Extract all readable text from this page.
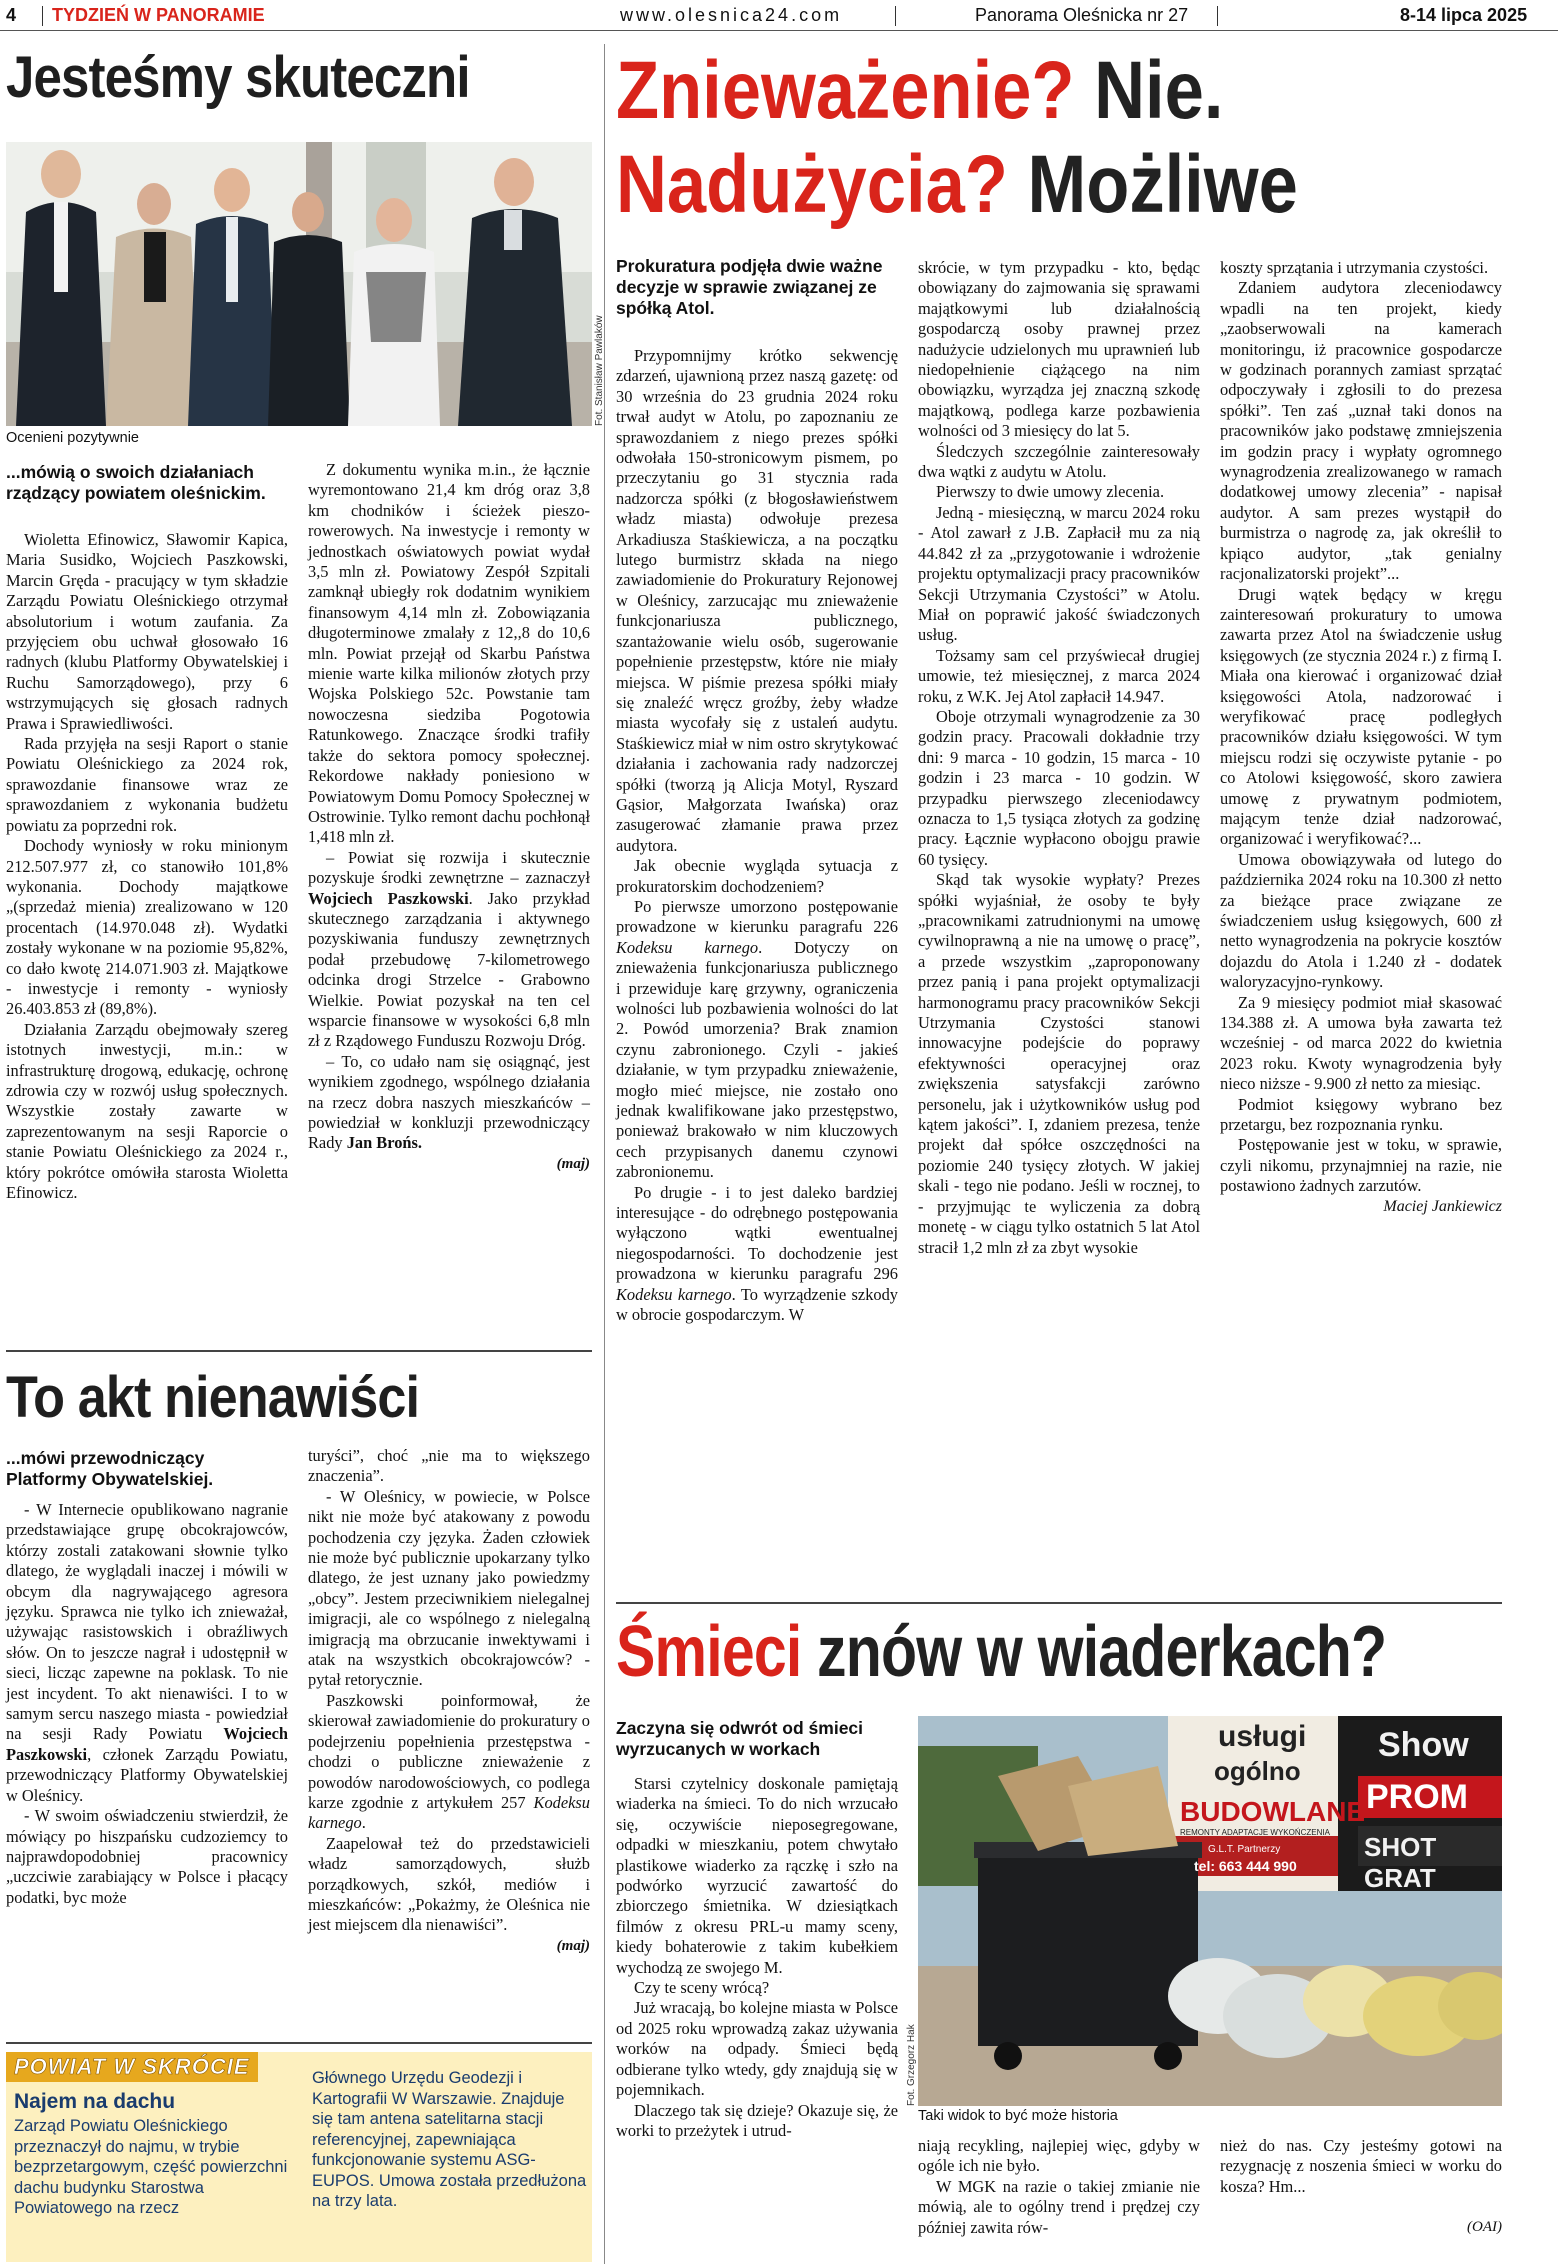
4 TYDZIEŃ W PANORAMIE	www.olesnica24.com	Panorama Oleśnicka nr 27	8-14 lipca 2025
Jesteśmy skuteczni
Fot. Stanisław Pawlaków
Ocenieni pozytywnie
...mówią o swoich działaniach rządzący powiatem oleśnickim.

Wioletta Efinowicz, Sławomir Kapica, Maria Susidko, Wojciech Paszkowski, Marcin Gręda - pracujący w tym składzie Zarządu Powiatu Oleśnickiego otrzymał absolutorium i wotum zaufania. Za przyjęciem obu uchwał głosowało 16 radnych (klubu Platformy Obywatelskiej i Ruchu Samorządowego), przy 6 wstrzymujących się głosach radnych Prawa i Sprawiedliwości.

Rada przyjęła na sesji Raport o stanie Powiatu Oleśnickiego za 2024 rok, sprawozdanie finansowe wraz ze sprawozdaniem z wykonania budżetu powiatu za poprzedni rok.

Dochody wyniosły w roku minionym 212.507.977 zł, co stanowiło 101,8% wykonania. Dochody majątkowe „(sprzedaż mienia) zrealizowano w 120 procentach (14.970.048 zł). Wydatki zostały wykonane w na poziomie 95,82%, co dało kwotę 214.071.903 zł. Majątkowe - inwestycje i remonty - wyniosły 26.403.853 zł (89,8%).

Działania Zarządu obejmowały szereg istotnych inwestycji, m.in.: w infrastrukturę drogową, edukację, ochronę zdrowia czy w rozwój usług społecznych. Wszystkie zostały zawarte w zaprezentowanym na sesji Raporcie o stanie Powiatu Oleśnickiego za 2024 r., który pokrótce omówiła starosta Wioletta Efinowicz.

Z dokumentu wynika m.in., że łącznie wyremontowano 21,4 km dróg oraz 3,8 km chodników i ścieżek pieszo-rowerowych. Na inwestycje i remonty w jednostkach oświatowych powiat wydał 3,5 mln zł. Powiatowy Zespół Szpitali zamknął ubiegły rok dodatnim wynikiem finansowym 4,14 mln zł. Zobowiązania długoterminowe zmalały z 12,,8 do 10,6 mln. Powiat przejął od Skarbu Państwa mienie warte kilka milionów złotych przy Wojska Polskiego 52c. Powstanie tam nowoczesna siedziba Pogotowia Ratunkowego. Znaczące środki trafiły także do sektora pomocy społecznej. Rekordowe nakłady poniesiono w Powiatowym Domu Pomocy Społecznej w Ostrowinie. Tylko remont dachu pochłonął 1,418 mln zł.

– Powiat się rozwija i skutecznie pozyskuje środki zewnętrzne – zaznaczył Wojciech Paszkowski. Jako przykład skutecznego zarządzania i aktywnego pozyskiwania funduszy zewnętrznych podał przebudowę 7-kilometrowego odcinka drogi Strzelce - Grabowno Wielkie. Powiat pozyskał na ten cel wsparcie finansowe w wysokości 6,8 mln zł z Rządowego Funduszu Rozwoju Dróg.

– To, co udało nam się osiągnąć, jest wynikiem zgodnego, wspólnego działania na rzecz dobra naszych mieszkańców – powiedział w konkluzji przewodniczący Rady Jan Brońs.

(maj)
To akt nienawiści
...mówi przewodniczący Platformy Obywatelskiej.

- W Internecie opublikowano nagranie przedstawiające grupę obcokrajowców, którzy zostali zatakowani słownie tylko dlatego, że wyglądali inaczej i mówili w obcym dla nagrywającego agresora języku. Sprawca nie tylko ich znieważał, używając rasistowskich i obraźliwych słów. On to jeszcze nagrał i udostępnił w sieci, licząc zapewne na poklask. To nie jest incydent. To akt nienawiści. I to w samym sercu naszego miasta - powiedział na sesji Rady Powiatu Wojciech Paszkowski, członek Zarządu Powiatu, przewodniczący Platformy Obywatelskiej w Oleśnicy.

- W swoim oświadczeniu stwierdził, że mówiący po hiszpańsku cudzoziemcy to najprawdopodobniej pracownicy „uczciwie zarabiający w Polsce i płacący podatki, byc może

turyści”, choć „nie ma to większego znaczenia”.

- W Oleśnicy, w powiecie, w Polsce nikt nie może być atakowany z powodu pochodzenia czy języka. Żaden człowiek nie może być publicznie upokarzany tylko dlatego, że jest uznany jako powiedzmy „obcy”. Jestem przeciwnikiem nielegalnej imigracji, ale co wspólnego z nielegalną imigracją ma obrzucanie inwektywami i atak na wszystkich obcokrajowców? - pytał retorycznie.

Paszkowski poinformował, że skierował zawiadomienie do prokuratury o podejrzeniu popełnienia przestępstwa - chodzi o publiczne znieważenie z powodów narodowościowych, co podlega karze zgodnie z artykułem 257 Kodeksu karnego.

Zaapelował też do przedstawicieli władz samorządowych, służb porządkowych, szkół, mediów i mieszkańców: „Pokażmy, że Oleśnica nie jest miejscem dla nienawiści”.

(maj)
POWIAT W SKRÓCIE
Najem na dachu
Zarząd Powiatu Oleśnickiego przeznaczył do najmu, w trybie bezprzetargowym, część powierzchni dachu budynku Starostwa Powiatowego na rzecz
Głównego Urzędu Geodezji i Kartografii W Warszawie. Znajduje się tam antena satelitarna stacji referencyjnej, zapewniająca funkcjonowanie systemu ASG-EUPOS. Umowa została przedłużona na trzy lata.
Znieważenie? Nie.
Nadużycia? Możliwe
Prokuratura podjęła dwie ważne decyzje w sprawie związanej ze spółką Atol.

Przypomnijmy krótko sekwencję zdarzeń, ujawnioną przez naszą gazetę: od 30 września do 23 grudnia 2024 roku trwał audyt w Atolu, po zapoznaniu ze sprawozdaniem z niego prezes spółki odwołała 150-stronicowym pismem, po przeczytaniu go 31 stycznia rada nadzorcza spółki (z błogosławieństwem władz miasta) odwołuje prezesa Arkadiusza Staśkiewicza, a na początku lutego burmistrz składa na niego zawiadomienie do Prokuratury Rejonowej w Oleśnicy, zarzucając mu znieważenie funkcjonariusza publicznego, szantażowanie wielu osób, sugerowanie popełnienie przestępstw, które nie miały miejsca. W piśmie prezesa spółki miały się znaleźć wręcz groźby, żeby władze miasta wycofały się z ustaleń audytu. Staśkiewicz miał w nim ostro skrytykować działania i zachowania rady nadzorczej spółki (tworzą ją Alicja Motyl, Ryszard Gąsior, Małgorzata Iwańska) oraz zasugerować złamanie prawa przez audytora.

Jak obecnie wygląda sytuacja z prokuratorskim dochodzeniem?

Po pierwsze umorzono postępowanie prowadzone w kierunku paragrafu 226 Kodeksu karnego. Dotyczy on znieważenia funkcjonariusza publicznego i przewiduje karę grzywny, ograniczenia wolności lub pozbawienia wolności do lat 2. Powód umorzenia? Brak znamion czynu zabronionego. Czyli - jakieś działanie, w tym przypadku znieważenie, mogło mieć miejsce, nie zostało ono jednak kwalifikowane jako przestępstwo, ponieważ brakowało w nim kluczowych cech przypisanych danemu czynowi zabronionemu.

Po drugie - i to jest daleko bardziej interesujące - do odrębnego postępowania wyłączono wątki ewentualnej niegospodarności. To dochodzenie jest prowadzona w kierunku paragrafu 296 Kodeksu karnego. To wyrządzenie szkody w obrocie gospodarczym. W

skrócie, w tym przypadku - kto, będąc obowiązany do zajmowania się sprawami majątkowymi lub działalnością gospodarczą osoby prawnej przez nadużycie udzielonych mu uprawnień lub niedopełnienie ciążącego na nim obowiązku, wyrządza jej znaczną szkodę majątkową, podlega karze pozbawienia wolności od 3 miesięcy do lat 5.

Śledczych szczególnie zainteresowały dwa wątki z audytu w Atolu.

Pierwszy to dwie umowy zlecenia.

Jedną - miesięczną, w marcu 2024 roku - Atol zawarł z J.B. Zapłacił mu za nią 44.842 zł za „przygotowanie i wdrożenie projektu optymalizacji pracy pracowników Sekcji Utrzymania Czystości” w Atolu. Miał on poprawić jakość świadczonych usług.

Tożsamy sam cel przyświecał drugiej umowie, też miesięcznej, z marca 2024 roku, z W.K. Jej Atol zapłacił 14.947.

Oboje otrzymali wynagrodzenie za 30 godzin pracy. Pracowali dokładnie trzy dni: 9 marca - 10 godzin, 15 marca - 10 godzin i 23 marca - 10 godzin. W przypadku pierwszego zleceniodawcy oznacza to 1,5 tysiąca złotych za godzinę pracy. Łącznie wypłacono obojgu prawie 60 tysięcy.

Skąd tak wysokie wypłaty? Prezes spółki wyjaśniał, że osoby te były „pracownikami zatrudnionymi na umowę cywilnoprawną a nie na umowę o pracę”, a przede wszystkim „zaproponowany przez panią i pana projekt optymalizacji harmonogramu pracy pracowników Sekcji Utrzymania Czystości stanowi innowacyjne podejście do poprawy efektywności operacyjnej oraz zwiększenia satysfakcji zarówno personelu, jak i użytkowników usług pod kątem jakości”. I, zdaniem prezesa, tenże projekt dał spółce oszczędności na poziomie 240 tysięcy złotych. W jakiej skali - tego nie podano. Jeśli w rocznej, to - przyjmując te wyliczenia za dobrą monetę - w ciągu tylko ostatnich 5 lat Atol stracił 1,2 mln zł za zbyt wysokie

koszty sprzątania i utrzymania czystości.

Zdaniem audytora zleceniodawcy wpadli na ten projekt, kiedy „zaobserwowali na kamerach monitoringu, iż pracownice gospodarcze w godzinach porannych zamiast sprzątać odpoczywały i zgłosili to do prezesa spółki”. Ten zaś „uznał taki donos na pracowników jako podstawę zmniejszenia im godzin pracy i wypłaty ogromnego wynagrodzenia zrealizowanego w ramach dodatkowej umowy zlecenia” - napisał audytor. A sam prezes wystąpił do burmistrza o nagrodę za, jak określił to kpiąco audytor, „tak genialny racjonalizatorski projekt”...

Drugi wątek będący w kręgu zainteresowań prokuratury to umowa zawarta przez Atol na świadczenie usług księgowych (ze stycznia 2024 r.) z firmą I. Miała ona kierować i organizować dział księgowości Atola, nadzorować i weryfikować pracę podległych pracowników działu księgowości. W tym miejscu rodzi się oczywiste pytanie - po co Atolowi księgowość, skoro zawiera umowę z prywatnym podmiotem, mającym tenże dział nadzorować, organizować i weryfikować?...

Umowa obowiązywała od lutego do października 2024 roku na 10.300 zł netto za bieżące prace związane ze świadczeniem usług księgowych, 600 zł netto wynagrodzenia na pokrycie kosztów dojazdu do Atola i 1.240 zł - dodatek waloryzacyjno-rynkowy.

Za 9 miesięcy podmiot miał skasować 134.388 zł. A umowa była zawarta też wcześniej - od marca 2022 do kwietnia 2023 roku. Kwoty wynagrodzenia były nieco niższe - 9.900 zł netto za miesiąc.

Podmiot księgowy wybrano bez przetargu, bez rozpoznania rynku.

Postępowanie jest w toku, w sprawie, czyli nikomu, przynajmniej na razie, nie postawiono żadnych zarzutów.

Maciej Jankiewicz
Śmieci znów w wiaderkach?
Zaczyna się odwrót od śmieci wyrzucanych w workach

Starsi czytelnicy doskonale pamiętają wiaderka na śmieci. To do nich wrzucało się, oczywiście nieposegregowane, odpadki w mieszkaniu, potem chwytało plastikowe wiaderko za rączkę i szło na podwórko wyrzucić zawartość do zbiorczego śmietnika. W dziesiątkach filmów z okresu PRL-u mamy sceny, kiedy bohaterowie z takim kubełkiem wychodzą ze swojego M.

Czy te sceny wrócą?

Już wracają, bo kolejne miasta w Polsce od 2025 roku wprowadzą zakaz używania worków na odpady. Śmieci będą odbierane tylko wtedy, gdy znajdują się w pojemnikach.

Dlaczego tak się dzieje? Okazuje się, że worki to przeżytek i utrud-

usługi
ogólno
BUDOWLANE
REMONTY ADAPTACJE WYKOŃCZENIA
G.L.T. Partnerzy
tel: 663 444 990
PROM
SHOT GRAT
Show
Fot. Grzegorz Hak
Taki widok to być może historia

niają recykling, najlepiej więc, gdyby w ogóle ich nie było.

W MGK na razie o takiej zmianie nie mówią, ale to ogólny trend i prędzej czy później zawita rów-

nież do nas. Czy jesteśmy gotowi na rezygnację z noszenia śmieci w worku do kosza? Hm...

(OAI)
